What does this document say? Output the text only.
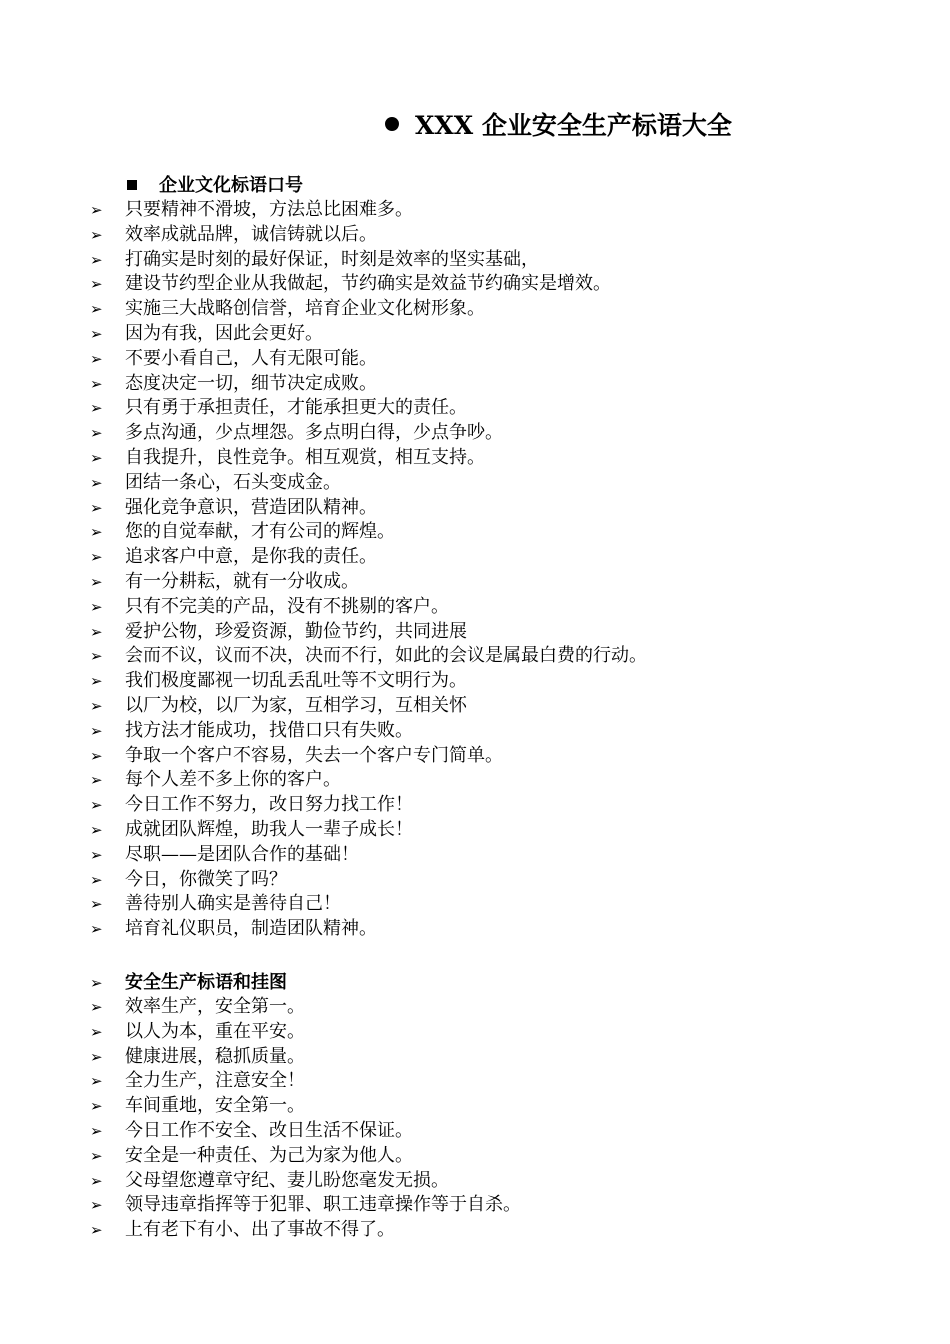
XXX 企业安全生产标语大全
企业文化标语口号
➢ 只要精神不滑坡，方法总比困难多。
➢ 效率成就品牌，诚信铸就以后。
➢ 打确实是时刻的最好保证，时刻是效率的坚实基础，
➢ 建设节约型企业从我做起，节约确实是效益节约确实是增效。
➢ 实施三大战略创信誉，培育企业文化树形象。
➢ 因为有我，因此会更好。
➢ 不要小看自己，人有无限可能。
➢ 态度决定一切，细节决定成败。
➢ 只有勇于承担责任，才能承担更大的责任。
➢ 多点沟通，少点埋怨。多点明白得，少点争吵。
➢ 自我提升，良性竞争。相互观赏，相互支持。
➢ 团结一条心，石头变成金。
➢ 强化竞争意识，营造团队精神。
➢ 您的自觉奉献，才有公司的辉煌。
➢ 追求客户中意，是你我的责任。
➢ 有一分耕耘，就有一分收成。
➢ 只有不完美的产品，没有不挑剔的客户。
➢ 爱护公物，珍爱资源，勤俭节约，共同进展
➢ 会而不议，议而不决，决而不行，如此的会议是属最白费的行动。
➢ 我们极度鄙视一切乱丢乱吐等不文明行为。
➢ 以厂为校，以厂为家，互相学习，互相关怀
➢ 找方法才能成功，找借口只有失败。
➢ 争取一个客户不容易，失去一个客户专门简单。
➢ 每个人差不多上你的客户。
➢ 今日工作不努力，改日努力找工作！
➢ 成就团队辉煌，助我人一辈子成长！
➢ 尽职——是团队合作的基础！
➢ 今日，你微笑了吗？
➢ 善待别人确实是善待自己！
➢ 培育礼仪职员，制造团队精神。
➢ 安全生产标语和挂图
➢ 效率生产，安全第一。
➢ 以人为本，重在平安。
➢ 健康进展，稳抓质量。
➢ 全力生产，注意安全！
➢ 车间重地，安全第一。
➢ 今日工作不安全、改日生活不保证。
➢ 安全是一种责任、为己为家为他人。
➢ 父母望您遵章守纪、妻儿盼您毫发无损。
➢ 领导违章指挥等于犯罪、职工违章操作等于自杀。
➢ 上有老下有小、出了事故不得了。
